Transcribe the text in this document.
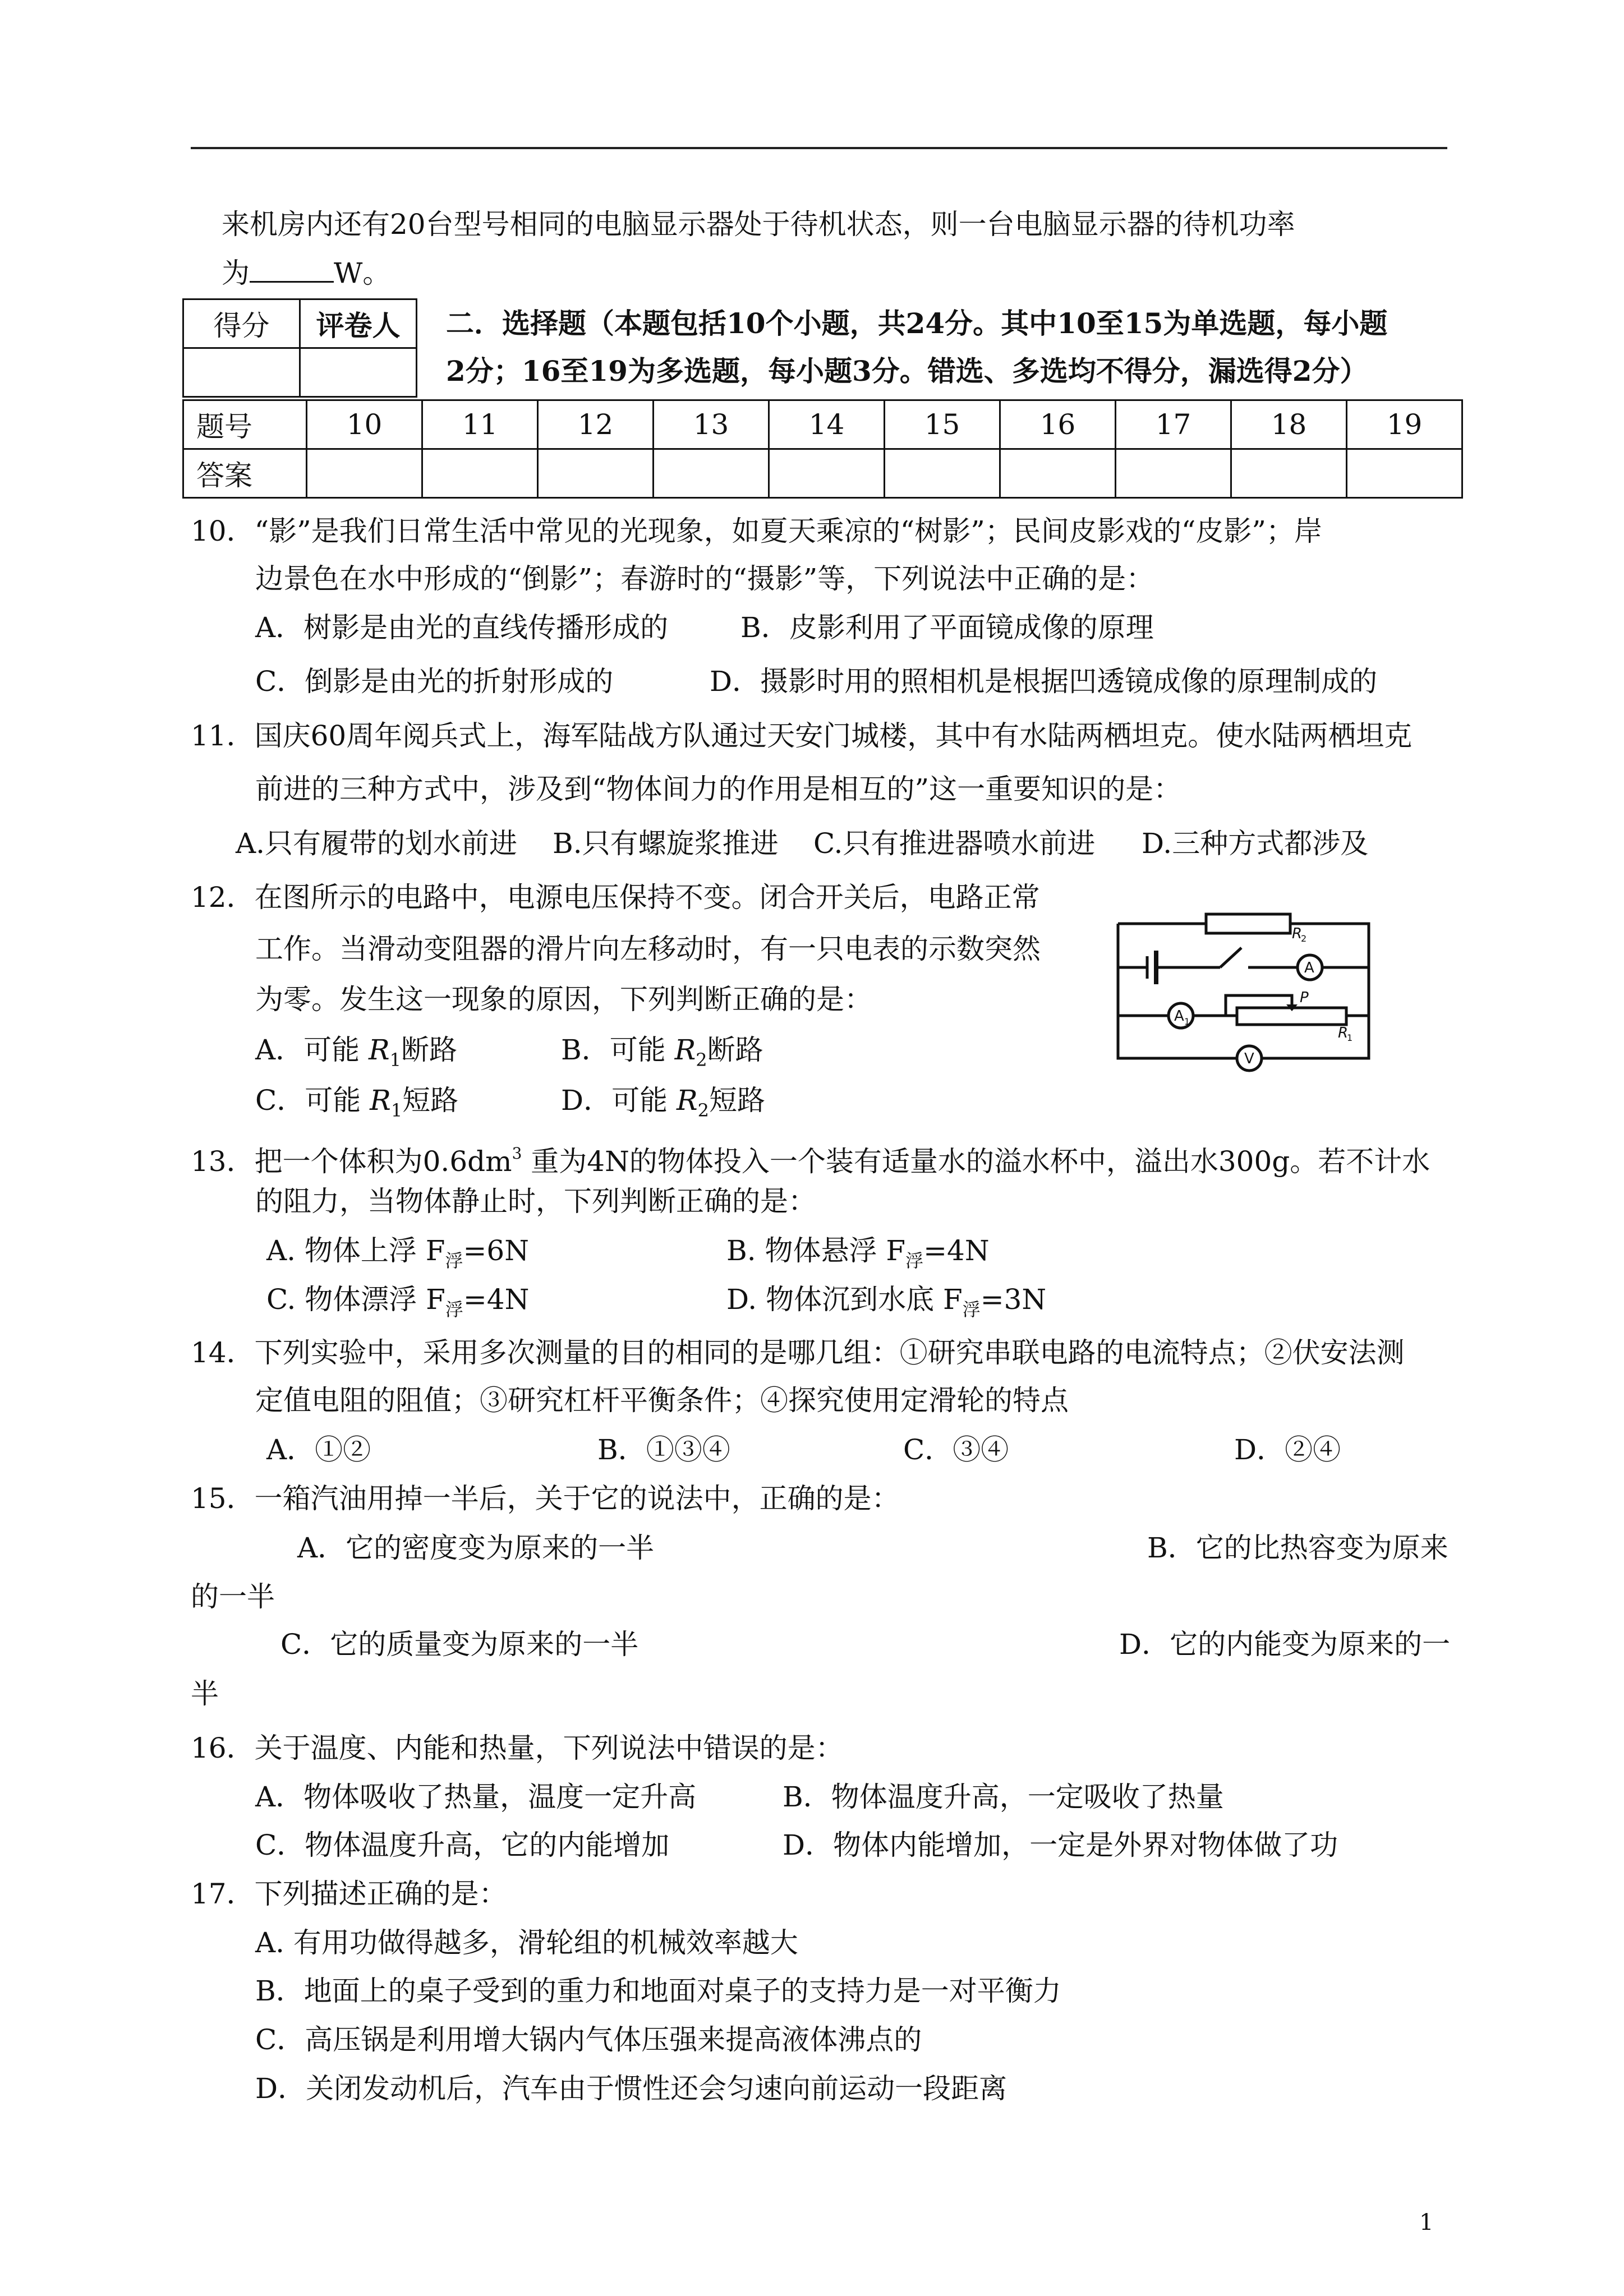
来机房内还有20台型号相同的电脑显示器处于待机状态，则一台电脑显示器的待机功率
为	W。
得分	评卷人
	二．选择题（本题包括10个小题，共24分。其中10至15为单选题，每小题
2分；16至19为多选题，每小题3分。错选、多选均不得分，漏选得2分）
题号	10	11	12	13	14	15	16	17	18	19
答案										
10．“影”是我们日常生活中常见的光现象，如夏天乘凉的“树影”；民间皮影戏的“皮影”；岸
边景色在水中形成的“倒影”；春游时的“摄影”等，下列说法中正确的是：
A．树影是由光的直线传播形成的	B．皮影利用了平面镜成像的原理
C．倒影是由光的折射形成的	D．摄影时用的照相机是根据凹透镜成像的原理制成的
11．国庆60周年阅兵式上，海军陆战方队通过天安门城楼，其中有水陆两栖坦克。使水陆两栖坦克
前进的三种方式中，涉及到“物体间力的作用是相互的”这一重要知识的是：
A.只有履带的划水前进 B.只有螺旋浆推进 C.只有推进器喷水前进 D.三种方式都涉及
12．在图所示的电路中，电源电压保持不变。闭合开关后，电路正常
工作。当滑动变阻器的滑片向左移动时，有一只电表的示数突然
为零。发生这一现象的原因，下列判断正确的是：
A．可能 $R_1$断路	B．可能 $R_2$断路
C．可能 $R_1$短路	D．可能 $R_2$短路
R
2
A
A 1
P
R
1
V
13．把一个体积为$0.6dm^3$ 重为4N的物体投入一个装有适量水的溢水杯中，溢出水300g。若不计水
的阻力，当物体静止时，下列判断正确的是：
A. 物体上浮 $F_浮=6N$	B. 物体悬浮 $F_浮=4N$
C. 物体漂浮 $F_浮=4N$	D. 物体沉到水底 $F_浮=3N$
14．下列实验中，采用多次测量的目的相同的是哪几组：①研究串联电路的电流特点；②伏安法测
定值电阻的阻值；③研究杠杆平衡条件；④探究使用定滑轮的特点
A．①②	B．①③④	C．③④	D．②④
15．一箱汽油用掉一半后，关于它的说法中，正确的是：
A．它的密度变为原来的一半	B．它的比热容变为原来
的一半
C．它的质量变为原来的一半	D．它的内能变为原来的一
半
16．关于温度、内能和热量，下列说法中错误的是：
A．物体吸收了热量，温度一定升高	B．物体温度升高，一定吸收了热量
C．物体温度升高，它的内能增加	D．物体内能增加，一定是外界对物体做了功
17．下列描述正确的是：
A. 有用功做得越多，滑轮组的机械效率越大
B．地面上的桌子受到的重力和地面对桌子的支持力是一对平衡力
C．高压锅是利用增大锅内气体压强来提高液体沸点的
D．关闭发动机后，汽车由于惯性还会匀速向前运动一段距离
1
